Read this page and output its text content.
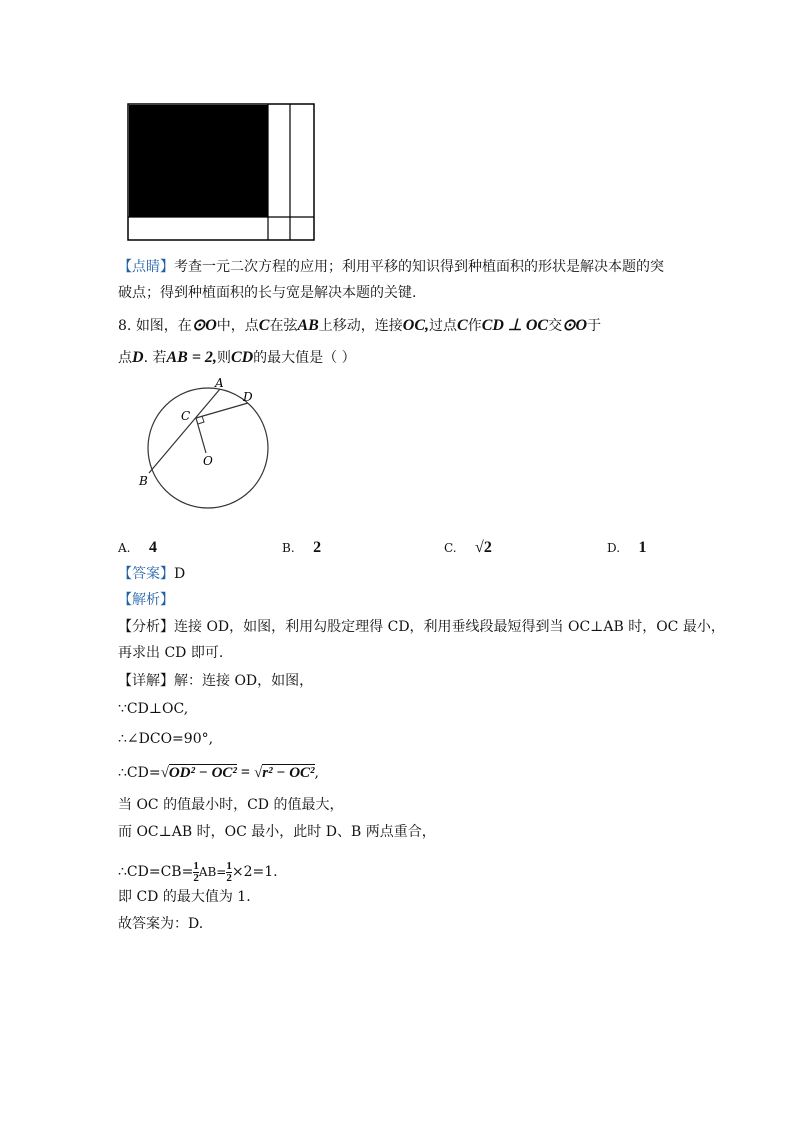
【点睛】考查一元二次方程的应用；利用平移的知识得到种植面积的形状是解决本题的突
破点；得到种植面积的长与宽是解决本题的关键.
8. 如图，在⊙O中，点C在弦AB上移动，连接OC,过点C作CD ⊥ OC交⊙O于
点D. 若AB = 2,则CD的最大值是（ ）
A
B
C
D
O
A. 4	B. 2	C. √2	D. 1
【答案】D
【解析】
【分析】连接 OD，如图，利用勾股定理得 CD，利用垂线段最短得到当 OC⊥AB 时，OC 最小，
再求出 CD 即可.
【详解】解：连接 OD，如图，
∵CD⊥OC,
∴∠DCO=90°,
∴CD=√OD² − OC² = √r² − OC²,
当 OC 的值最小时，CD 的值最大，
而 OC⊥AB 时，OC 最小，此时 D、B 两点重合，
∴CD=CB= $\frac{1}{2} AB= \frac{1}{2} \times 2=1$.
即 CD 的最大值为 1.
故答案为：D.
